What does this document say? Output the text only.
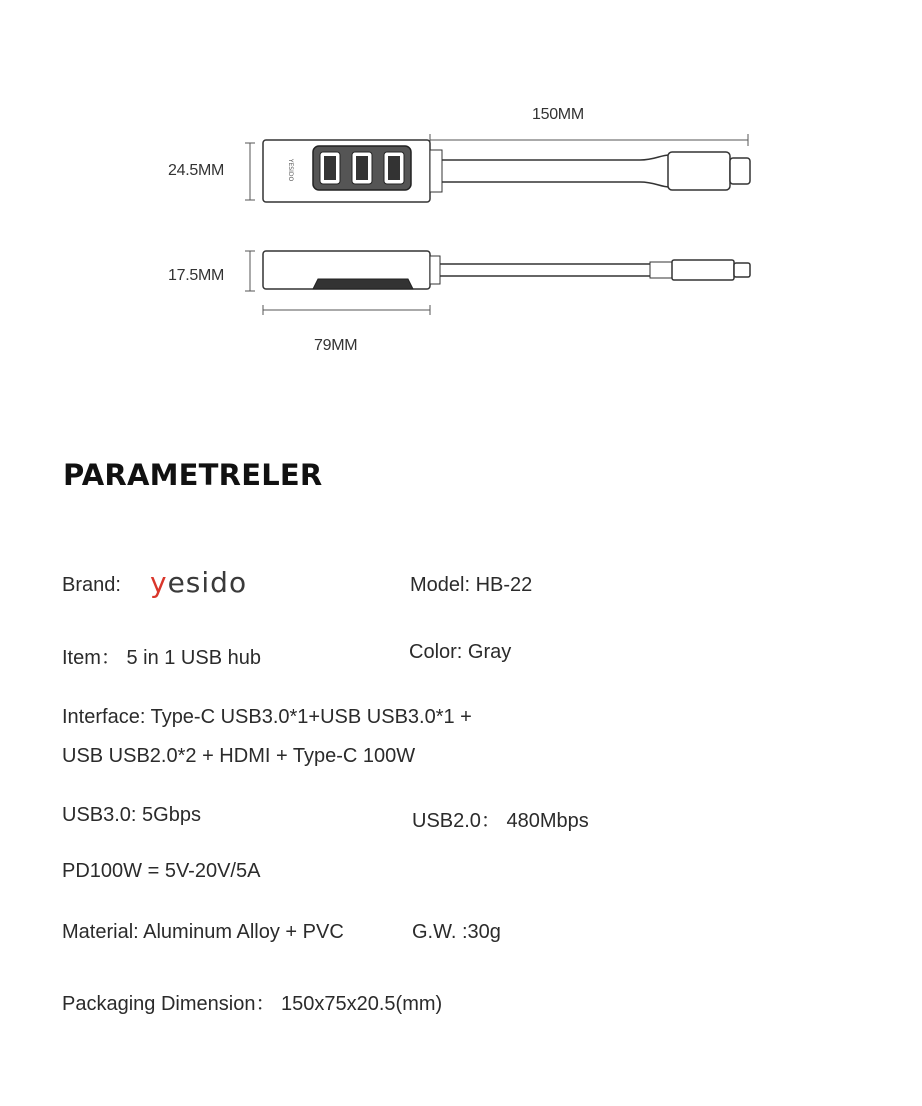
YESIDO
150MM
24.5MM
17.5MM
79MM
PARAMETRELER
Brand: yesido	Model: HB-22
Item： 5 in 1 USB hub	Color: Gray
Interface: Type-C USB3.0*1+USB USB3.0*1 +
USB USB2.0*2 + HDMI + Type-C 100W
USB3.0: 5Gbps	USB2.0： 480Mbps
PD100W = 5V-20V/5A
Material: Aluminum Alloy + PVC	G.W. :30g
Packaging Dimension： 150x75x20.5(mm)
